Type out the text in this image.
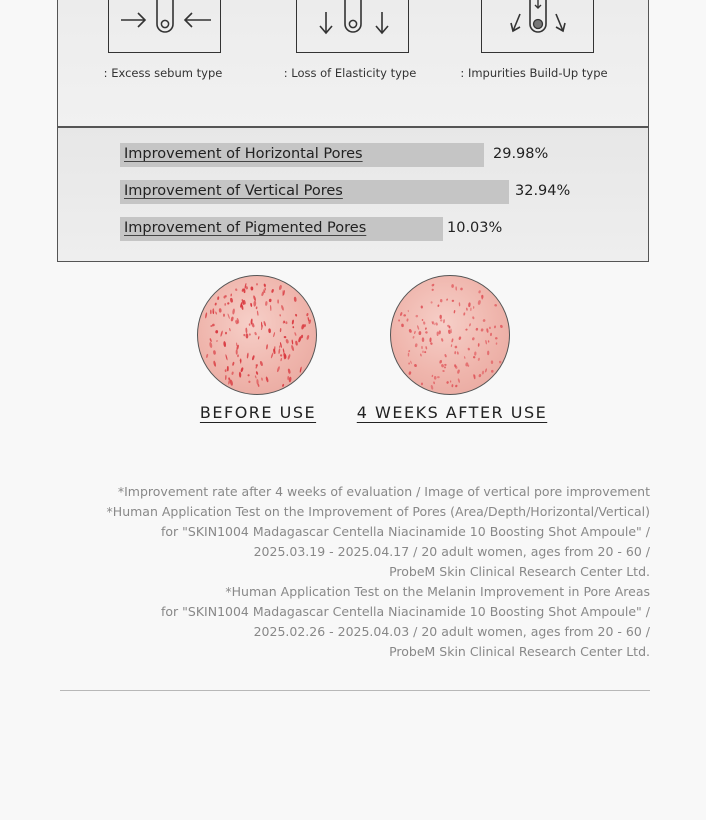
: Excess sebum type	: Loss of Elasticity type	: Impurities Build-Up type
Improvement of Horizontal Pores	29.98%
Improvement of Vertical Pores	32.94%
Improvement of Pigmented Pores	10.03%
BEFORE USE	4 WEEKS AFTER USE
*Improvement rate after 4 weeks of evaluation / Image of vertical pore improvement
*Human Application Test on the Improvement of Pores (Area/Depth/Horizontal/Vertical)
for "SKIN1004 Madagascar Centella Niacinamide 10 Boosting Shot Ampoule" /
2025.03.19 - 2025.04.17 / 20 adult women, ages from 20 - 60 /
ProbeM Skin Clinical Research Center Ltd.
*Human Application Test on the Melanin Improvement in Pore Areas
for "SKIN1004 Madagascar Centella Niacinamide 10 Boosting Shot Ampoule" /
2025.02.26 - 2025.04.03 / 20 adult women, ages from 20 - 60 /
ProbeM Skin Clinical Research Center Ltd.
